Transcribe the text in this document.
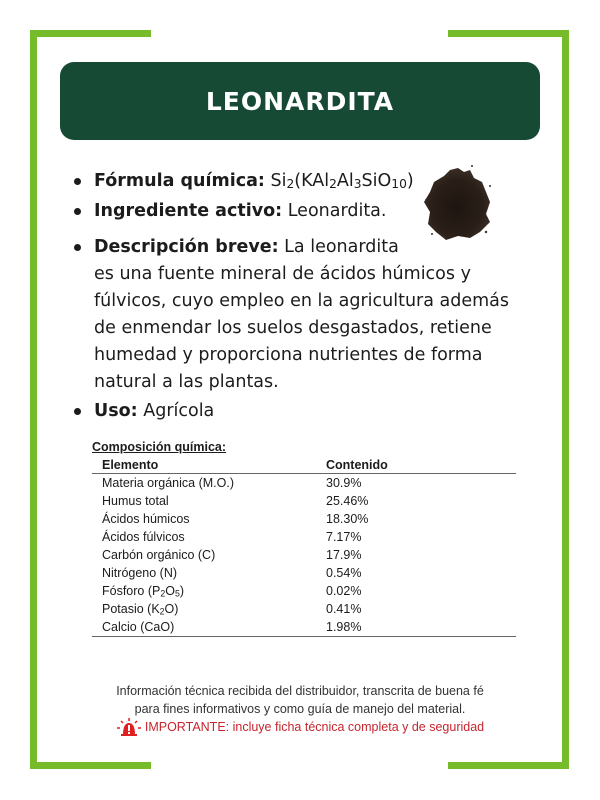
LEONARDITA
Fórmula química: Si2(KAl2Al3SiO10)
Ingrediente activo: Leonardita.
Descripción breve: La leonardita
es una fuente mineral de ácidos húmicos y
fúlvicos, cuyo empleo en la agricultura además
de enmendar los suelos desgastados, retiene
humedad y proporciona nutrientes de forma
natural a las plantas.
Uso: Agrícola
Composición química:
Elemento	Contenido
Materia orgánica (M.O.)	30.9%
Humus total	25.46%
Ácidos húmicos	18.30%
Ácidos fúlvicos	7.17%
Carbón orgánico (C)	17.9%
Nitrógeno (N)	0.54%
Fósforo (P2O5)	0.02%
Potasio (K2O)	0.41%
Calcio (CaO)	1.98%
Información técnica recibida del distribuidor, transcrita de buena fé
para fines informativos y como guía de manejo del material.
IMPORTANTE: incluye ficha técnica completa y de seguridad
